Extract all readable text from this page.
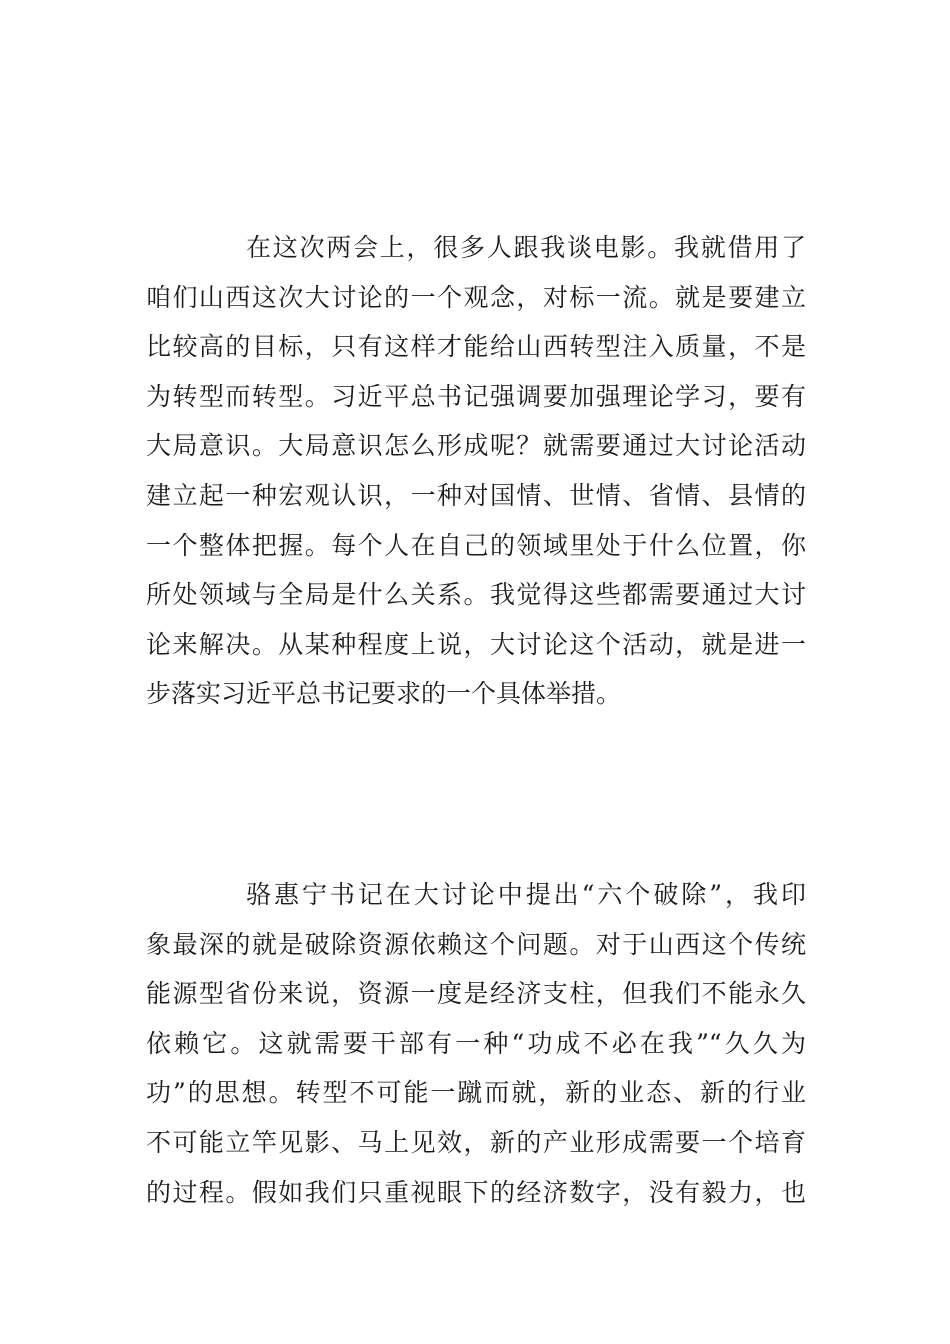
在这次两会上，很多人跟我谈电影。我就借用了
咱们山西这次大讨论的一个观念，对标一流。就是要建立
比较高的目标，只有这样才能给山西转型注入质量，不是
为转型而转型。习近平总书记强调要加强理论学习，要有
大局意识。大局意识怎么形成呢？就需要通过大讨论活动
建立起一种宏观认识，一种对国情、世情、省情、县情的
一个整体把握。每个人在自己的领域里处于什么位置，你
所处领域与全局是什么关系。我觉得这些都需要通过大讨
论来解决。从某种程度上说，大讨论这个活动，就是进一
步落实习近平总书记要求的一个具体举措。
骆惠宁书记在大讨论中提出“六个破除”，我印
象最深的就是破除资源依赖这个问题。对于山西这个传统
能源型省份来说，资源一度是经济支柱，但我们不能永久
依赖它。这就需要干部有一种“功成不必在我”“久久为
功”的思想。转型不可能一蹴而就，新的业态、新的行业
不可能立竿见影、马上见效，新的产业形成需要一个培育
的过程。假如我们只重视眼下的经济数字，没有毅力，也
